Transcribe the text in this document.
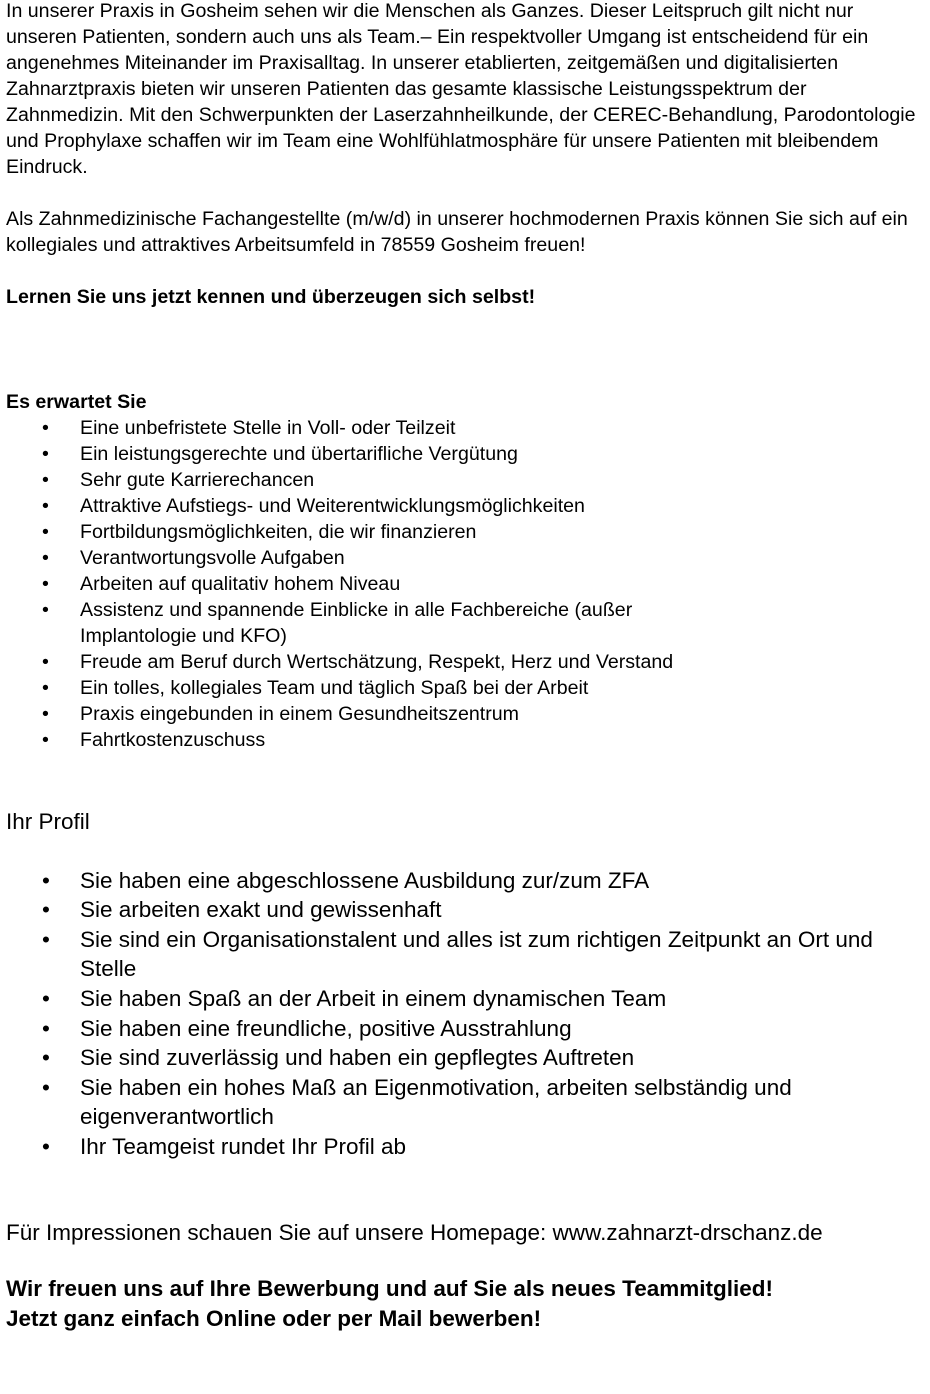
In unserer Praxis in Gosheim sehen wir die Menschen als Ganzes. Dieser Leitspruch gilt nicht nur unseren Patienten, sondern auch uns als Team.– Ein respektvoller Umgang ist entscheidend für ein angenehmes Miteinander im Praxisalltag. In unserer etablierten, zeitgemäßen und digitalisierten Zahnarztpraxis bieten wir unseren Patienten das gesamte klassische Leistungsspektrum der Zahnmedizin. Mit den Schwerpunkten der Laserzahnheilkunde, der CEREC-Behandlung, Parodontologie und Prophylaxe schaffen wir im Team eine Wohlfühlatmosphäre für unsere Patienten mit bleibendem Eindruck.

Als Zahnmedizinische Fachangestellte (m/w/d) in unserer hochmodernen Praxis können Sie sich auf ein kollegiales und attraktives Arbeitsumfeld in 78559 Gosheim freuen!

Lernen Sie uns jetzt kennen und überzeugen sich selbst!

Es erwartet Sie
• Eine unbefristete Stelle in Voll- oder Teilzeit
• Ein leistungsgerechte und übertarifliche Vergütung
• Sehr gute Karrierechancen
• Attraktive Aufstiegs- und Weiterentwicklungsmöglichkeiten
• Fortbildungsmöglichkeiten, die wir finanzieren
• Verantwortungsvolle Aufgaben
• Arbeiten auf qualitativ hohem Niveau
• Assistenz und spannende Einblicke in alle Fachbereiche (außer Implantologie und KFO)
• Freude am Beruf durch Wertschätzung, Respekt, Herz und Verstand
• Ein tolles, kollegiales Team und täglich Spaß bei der Arbeit
• Praxis eingebunden in einem Gesundheitszentrum
• Fahrtkostenzuschuss
Ihr Profil
• Sie haben eine abgeschlossene Ausbildung zur/zum ZFA
• Sie arbeiten exakt und gewissenhaft
• Sie sind ein Organisationstalent und alles ist zum richtigen Zeitpunkt an Ort und Stelle
• Sie haben Spaß an der Arbeit in einem dynamischen Team
• Sie haben eine freundliche, positive Ausstrahlung
• Sie sind zuverlässig und haben ein gepflegtes Auftreten
• Sie haben ein hohes Maß an Eigenmotivation, arbeiten selbständig und eigenverantwortlich
• Ihr Teamgeist rundet Ihr Profil ab

Für Impressionen schauen Sie auf unsere Homepage: www.zahnarzt-drschanz.de

Wir freuen uns auf Ihre Bewerbung und auf Sie als neues Teammitglied!
Jetzt ganz einfach Online oder per Mail bewerben!
